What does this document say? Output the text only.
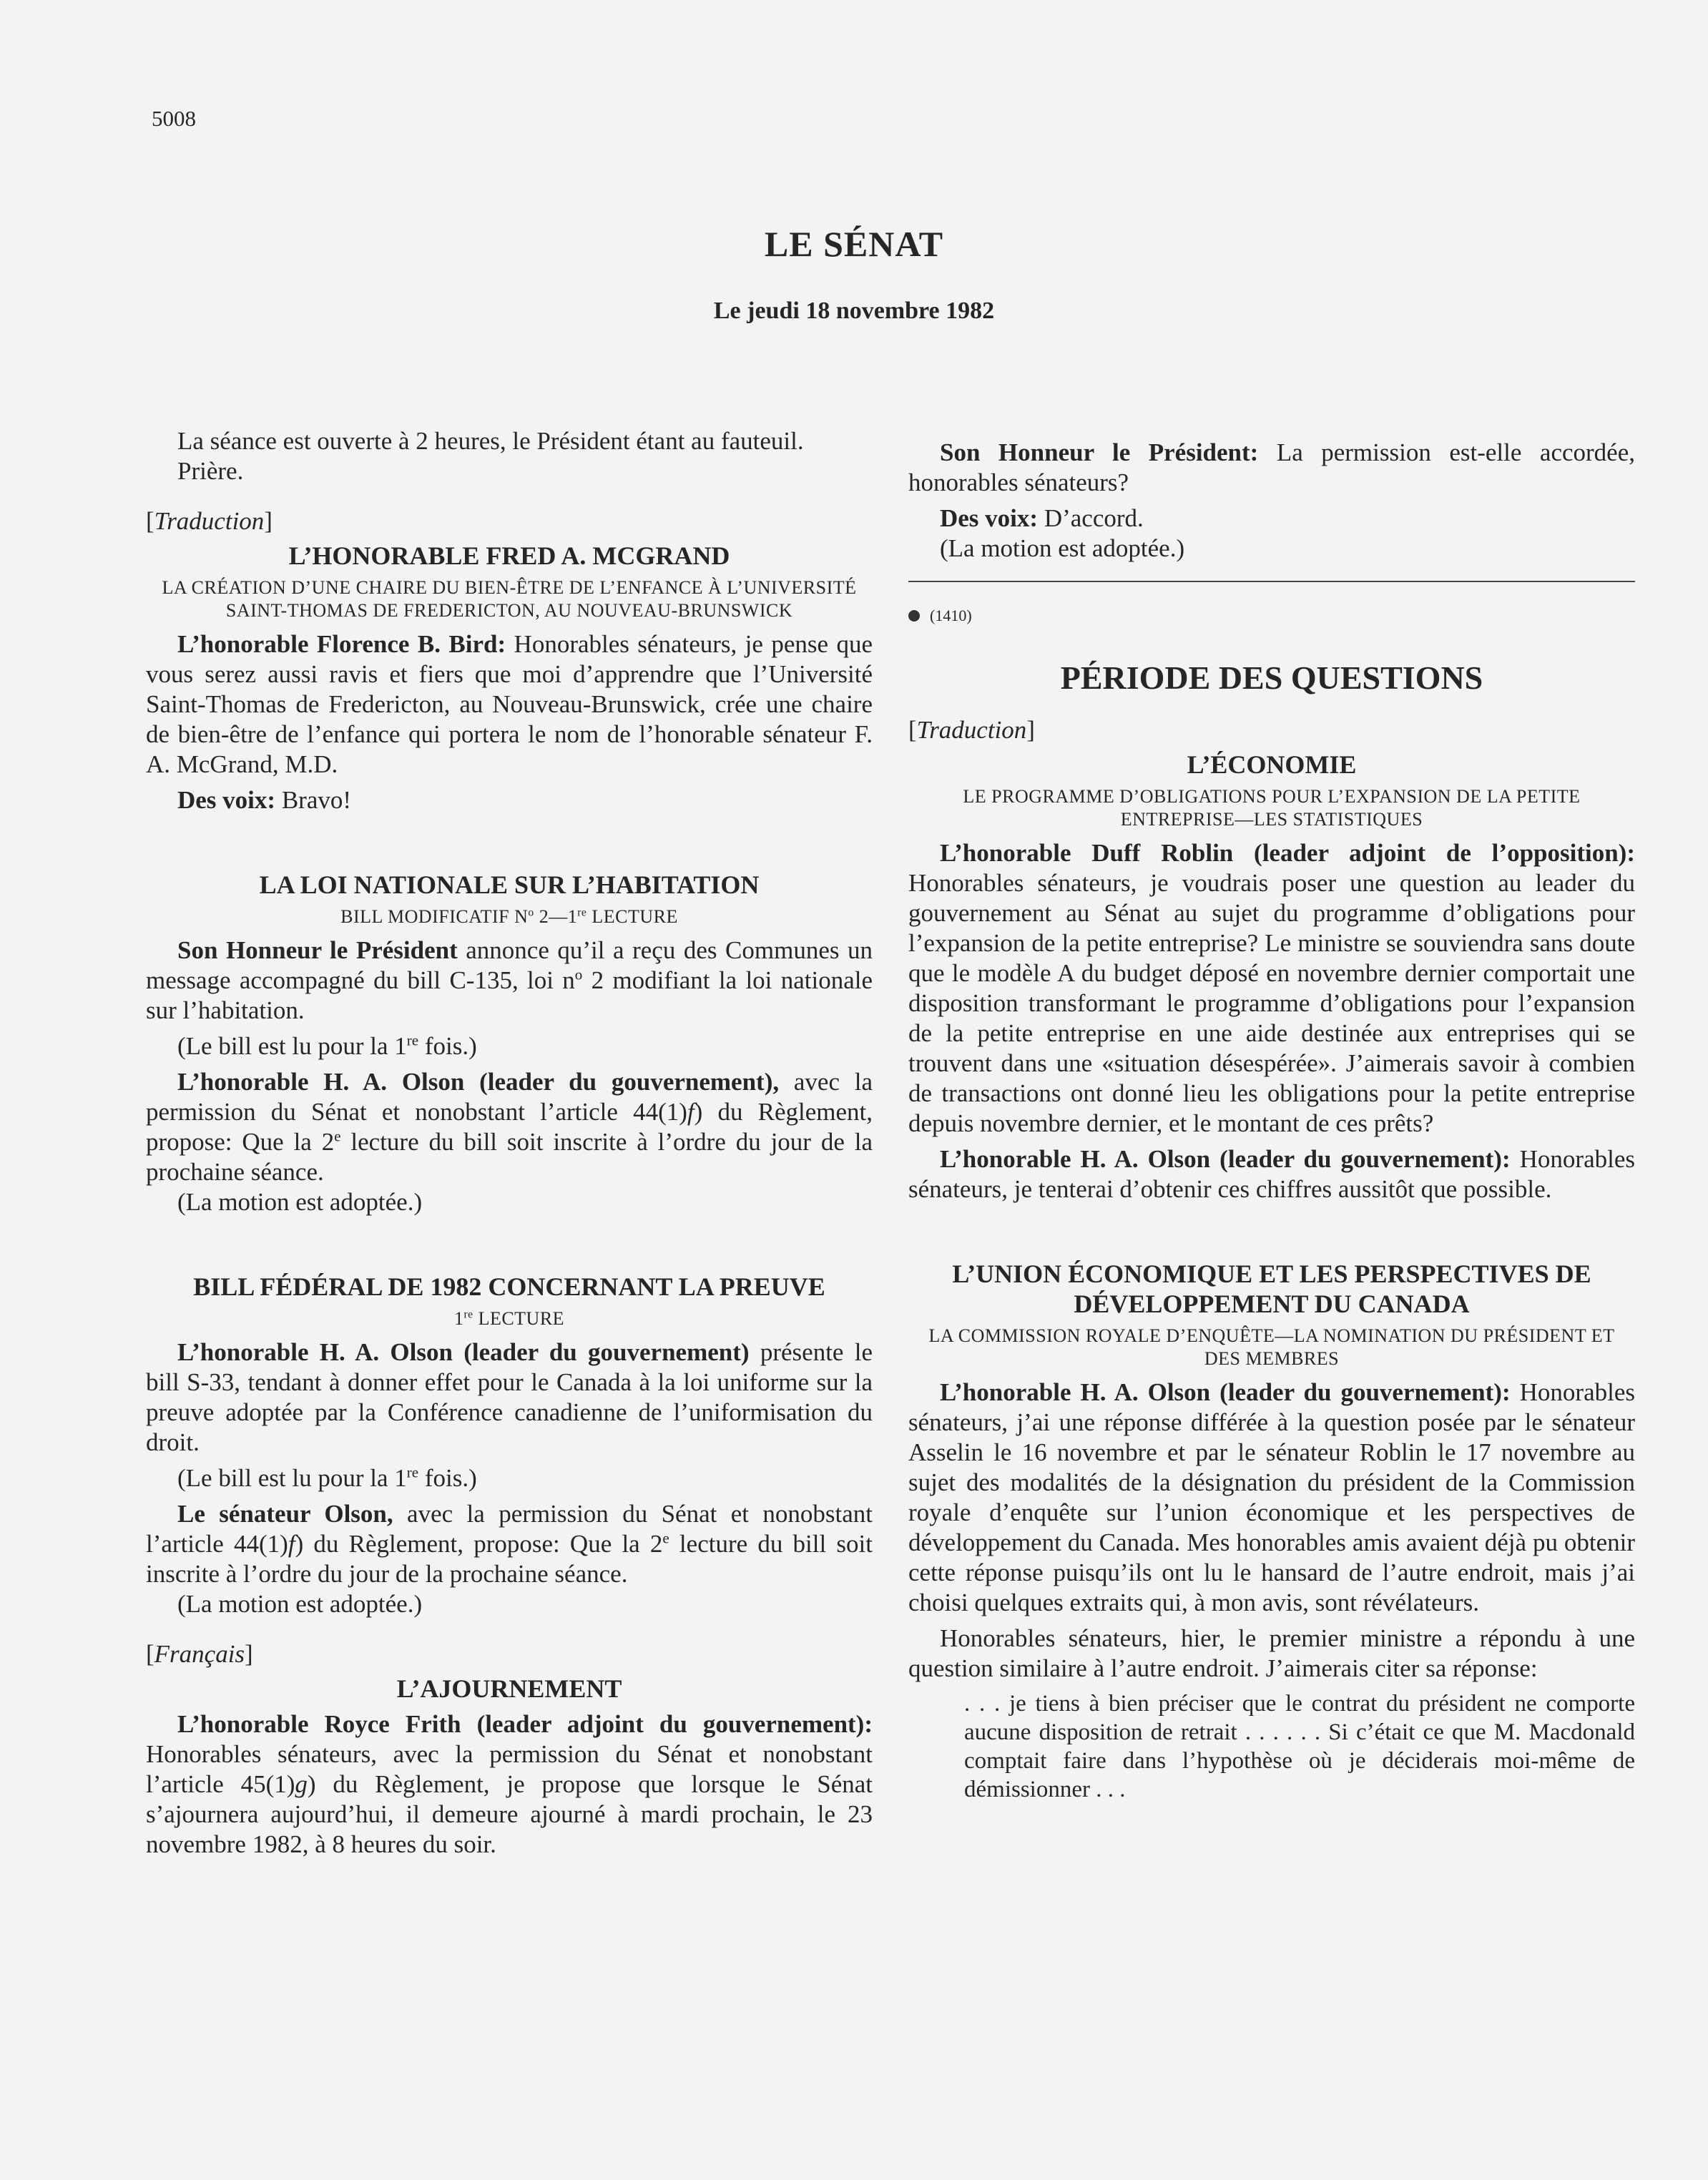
5008
LE SÉNAT
Le jeudi 18 novembre 1982

La séance est ouverte à 2 heures, le Président étant au fauteuil.

Prière.

[Traduction]
L’HONORABLE FRED A. MCGRAND
LA CRÉATION D’UNE CHAIRE DU BIEN-ÊTRE DE L’ENFANCE À L’UNIVERSITÉ SAINT-THOMAS DE FREDERICTON, AU NOUVEAU-BRUNSWICK

L’honorable Florence B. Bird: Honorables sénateurs, je pense que vous serez aussi ravis et fiers que moi d’apprendre que l’Université Saint-Thomas de Fredericton, au Nouveau-Brunswick, crée une chaire de bien-être de l’enfance qui portera le nom de l’honorable sénateur F. A. McGrand, M.D.

Des voix: Bravo!

LA LOI NATIONALE SUR L’HABITATION
BILL MODIFICATIF $N^o$ 2—1re LECTURE

Son Honneur le Président annonce qu’il a reçu des Communes un message accompagné du bill C-135, loi $n^o$ 2 modifiant la loi nationale sur l’habitation.

(Le bill est lu pour la 1re fois.)

L’honorable H. A. Olson (leader du gouvernement), avec la permission du Sénat et nonobstant l’article 44(1)f) du Règlement, propose: Que la 2e lecture du bill soit inscrite à l’ordre du jour de la prochaine séance.

(La motion est adoptée.)

BILL FÉDÉRAL DE 1982 CONCERNANT LA PREUVE
1re LECTURE

L’honorable H. A. Olson (leader du gouvernement) présente le bill S-33, tendant à donner effet pour le Canada à la loi uniforme sur la preuve adoptée par la Conférence canadienne de l’uniformisation du droit.

(Le bill est lu pour la 1re fois.)

Le sénateur Olson, avec la permission du Sénat et nonobstant l’article 44(1)f) du Règlement, propose: Que la 2e lecture du bill soit inscrite à l’ordre du jour de la prochaine séance.

(La motion est adoptée.)

[Français]
L’AJOURNEMENT

L’honorable Royce Frith (leader adjoint du gouvernement): Honorables sénateurs, avec la permission du Sénat et nonobstant l’article 45(1)g) du Règlement, je propose que lorsque le Sénat s’ajournera aujourd’hui, il demeure ajourné à mardi prochain, le 23 novembre 1982, à 8 heures du soir.

Son Honneur le Président: La permission est-elle accordée, honorables sénateurs?

Des voix: D’accord.

(La motion est adoptée.)

(1410)
PÉRIODE DES QUESTIONS
[Traduction]
L’ÉCONOMIE
LE PROGRAMME D’OBLIGATIONS POUR L’EXPANSION DE LA PETITE ENTREPRISE—LES STATISTIQUES

L’honorable Duff Roblin (leader adjoint de l’opposition): Honorables sénateurs, je voudrais poser une question au leader du gouvernement au Sénat au sujet du programme d’obligations pour l’expansion de la petite entreprise? Le ministre se souviendra sans doute que le modèle A du budget déposé en novembre dernier comportait une disposition transformant le programme d’obligations pour l’expansion de la petite entreprise en une aide destinée aux entreprises qui se trouvent dans une «situation désespérée». J’aimerais savoir à combien de transactions ont donné lieu les obligations pour la petite entreprise depuis novembre dernier, et le montant de ces prêts?

L’honorable H. A. Olson (leader du gouvernement): Honorables sénateurs, je tenterai d’obtenir ces chiffres aussitôt que possible.

L’UNION ÉCONOMIQUE ET LES PERSPECTIVES DE DÉVELOPPEMENT DU CANADA
LA COMMISSION ROYALE D’ENQUÊTE—LA NOMINATION DU PRÉSIDENT ET DES MEMBRES

L’honorable H. A. Olson (leader du gouvernement): Honorables sénateurs, j’ai une réponse différée à la question posée par le sénateur Asselin le 16 novembre et par le sénateur Roblin le 17 novembre au sujet des modalités de la désignation du président de la Commission royale d’enquête sur l’union économique et les perspectives de développement du Canada. Mes honorables amis avaient déjà pu obtenir cette réponse puisqu’ils ont lu le hansard de l’autre endroit, mais j’ai choisi quelques extraits qui, à mon avis, sont révélateurs.

Honorables sénateurs, hier, le premier ministre a répondu à une question similaire à l’autre endroit. J’aimerais citer sa réponse:

. . . je tiens à bien préciser que le contrat du président ne comporte aucune disposition de retrait . . . . . . Si c’était ce que M. Macdonald comptait faire dans l’hypothèse où je déciderais moi-même de démissionner . . .
